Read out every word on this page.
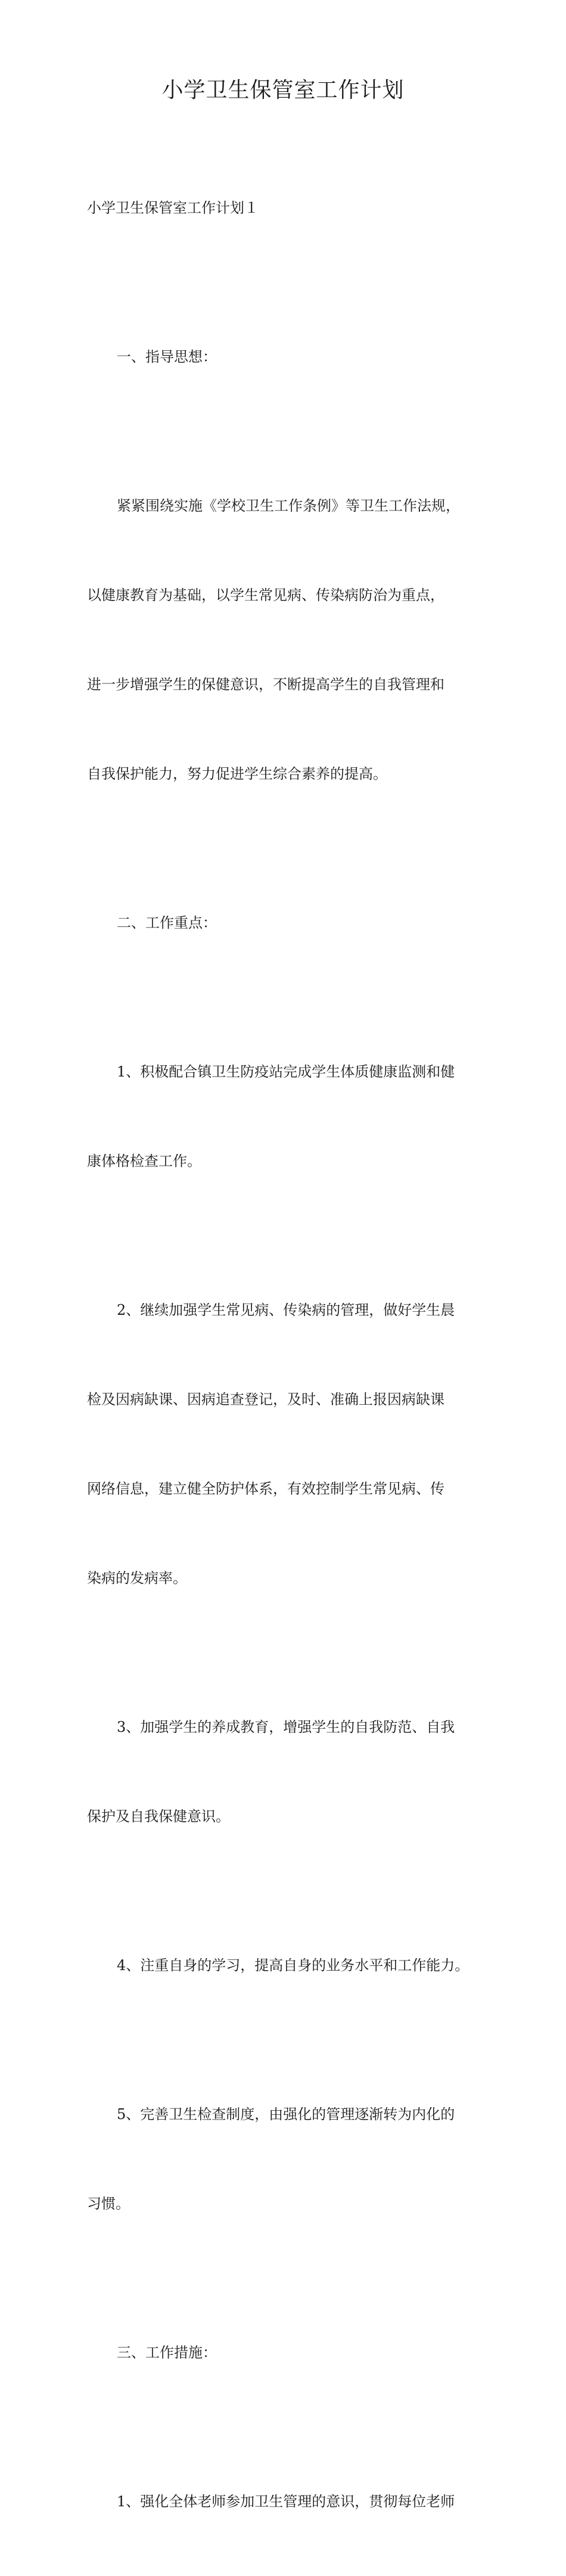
小学卫生保管室工作计划

小学卫生保管室工作计划１

一、指导思想：

紧紧围绕实施《学校卫生工作条例》等卫生工作法规，

以健康教育为基础，以学生常见病、传染病防治为重点，

进一步增强学生的保健意识，不断提高学生的自我管理和

自我保护能力，努力促进学生综合素养的提高。

二、工作重点：

1、积极配合镇卫生防疫站完成学生体质健康监测和健

康体格检查工作。

2、继续加强学生常见病、传染病的管理，做好学生晨

检及因病缺课、因病追查登记，及时、准确上报因病缺课

网络信息，建立健全防护体系，有效控制学生常见病、传

染病的发病率。

3、加强学生的养成教育，增强学生的自我防范、自我

保护及自我保健意识。

4、注重自身的学习，提高自身的业务水平和工作能力。

5、完善卫生检查制度，由强化的管理逐渐转为内化的

习惯。

三、工作措施：

1、强化全体老师参加卫生管理的意识，贯彻每位老师
